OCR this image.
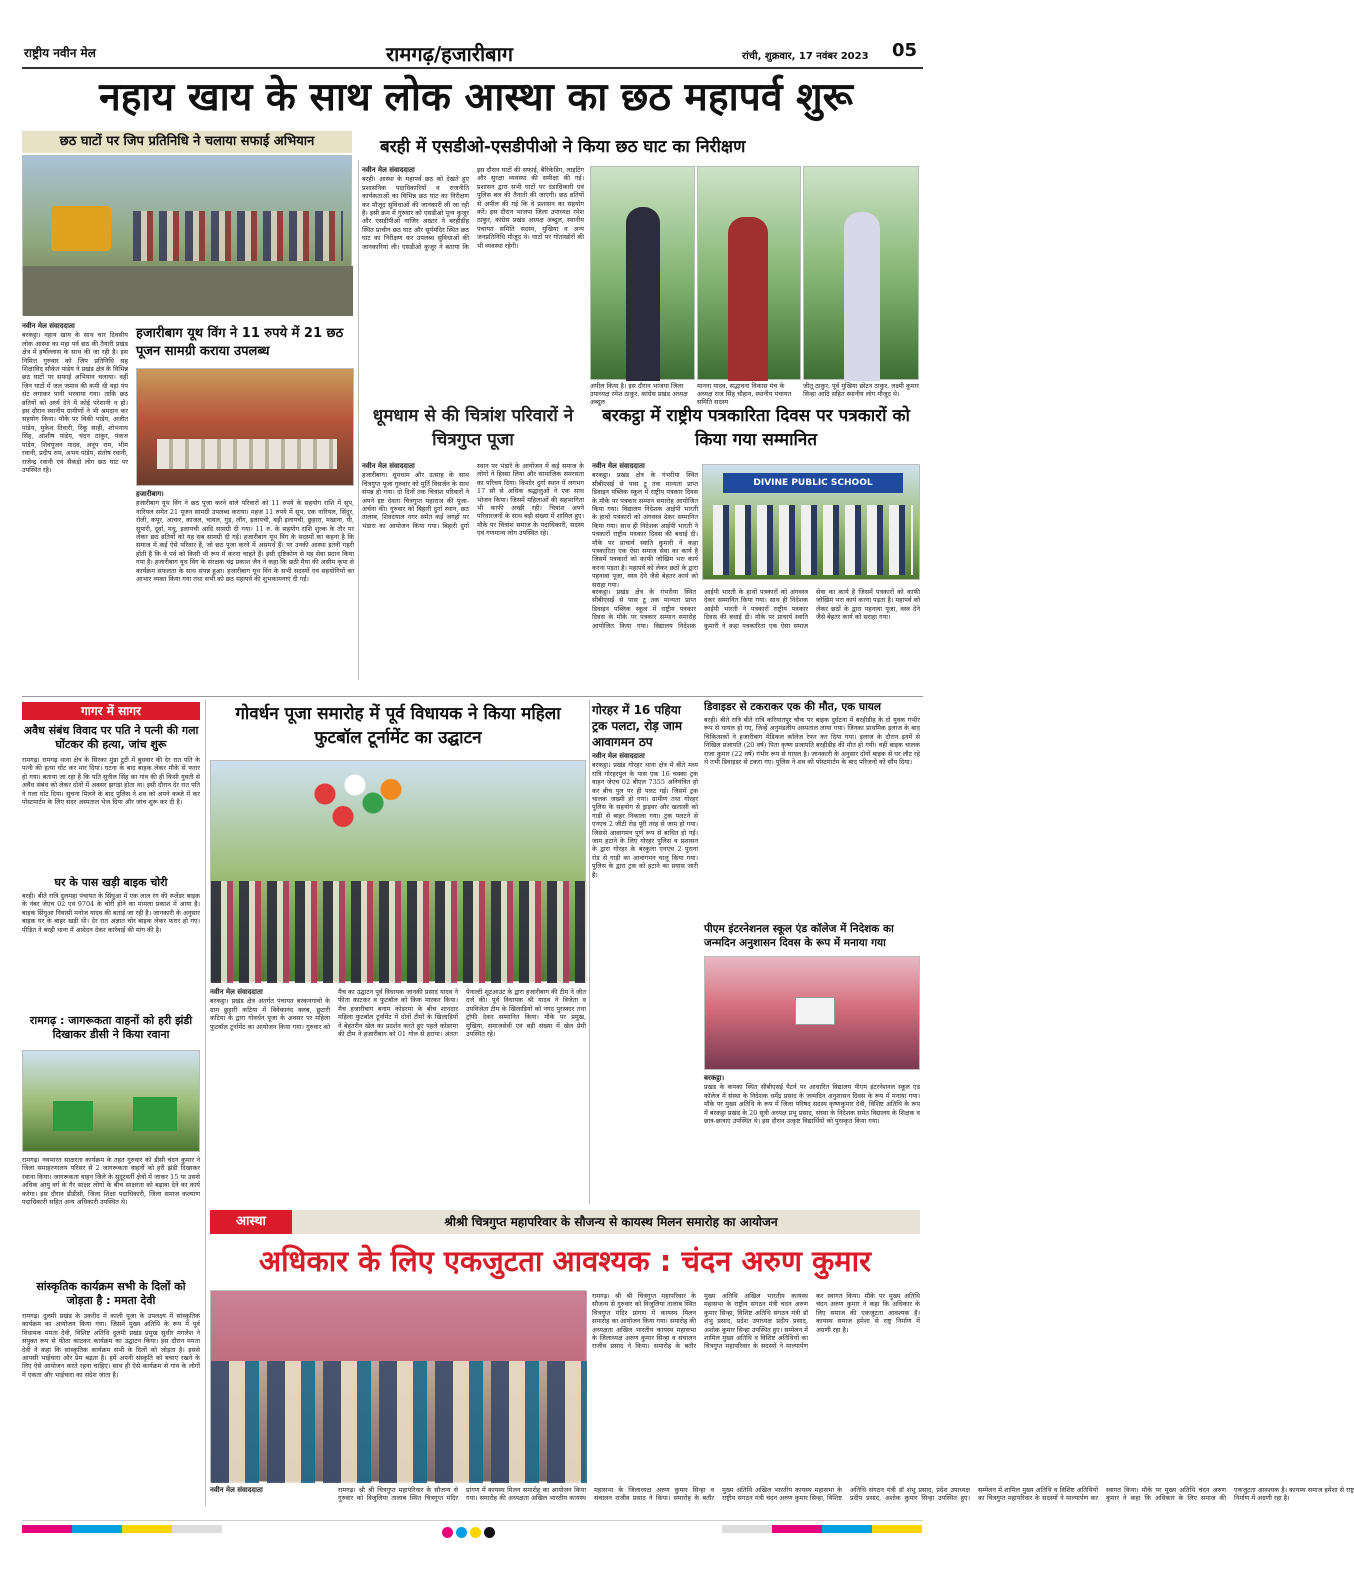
राष्ट्रीय नवीन मेल	रामगढ़/हजारीबाग	रांची, शुक्रवार, 17 नवंबर 2023 05
नहाय खाय के साथ लोक आस्था का छठ महापर्व शुरू
छठ घाटों पर जिप प्रतिनिधि ने चलाया सफाई अभियान
नवीन मेल संवाददाता
बरकट्ठा। नहाय खाय के साथ चार दिवसीय लोक आस्था का महा पर्व छठ की तैयारी प्रखंड क्षेत्र में हर्षोल्लास के साथ की जा रही है। इस निमित्त गुरुवार को जिप प्रतिनिधि सह शिक्षाविद सौकेत पांडेय ने प्रखंड क्षेत्र के विभिन्न छठ घाटों पर सफाई अभियान चलाया। वहीं जिन घाटों में जल जमाव की कमी थी वहां पंप सेट लगाकर पानी भरवाया गया। ताकि छठ व्रतियों को अर्घ्य देने में कोई परेशानी न हो। इस दौरान स्थानीय ग्रामीणों ने भी श्रमदान कर सहयोग किया। मौके पर विकी पांडेय, अजीत पांडेय, मुकेश तिवारी, रिंकू साही, शोभनाथ सिंह, आशीष पांडेय, चंदन ठाकुर, पंकज पांडेय, शिवपूजन यादव, अनूप राम, भीम रवानी, प्रदीप राम, अभय पांडेय, संतोष रवानी, राजेन्द्र रवानी एवं सैकड़ो लोग छठ घाट पर उपस्थित रहे।
हजारीबाग यूथ विंग ने 11 रुपये में 21 छठ पूजन सामग्री कराया उपलब्ध
हजारीबाग।
हजारीबाग यूथ विंग ने छठ पूजा करने वाले परिवारों को 11 रुपये के सहयोग राशि में सूप, नारियल समेत 21 पूजन सामग्री उपलब्ध कराया। महज 11 रुपये में सूप, एक नारियल, सिंदूर, रोली, कपूर, आचार, काजल, चावल, गुड़, लौंग, इलायची, बड़ी इलायची, छुहारा, मखाना, घी, सुपारी, दूर्वा, मधु, इलायची आदि सामग्री दी गया। 11 रु. के सहयोग राशि शुल्क के तौर पर लेकर छठ व्रतियों को यह सब सामग्री दी गई। हजारीबाग यूथ विंग के सदस्यों का कहना है कि समाज में कई ऐसे परिवार हैं, जो छठ पूजा करने में असमर्थ हैं। पर उनकी आस्था इतनी गहरी होती है कि वे पर्व को किसी भी रूप में करना चाहते हैं। इसी दृष्टिकोण से यह सेवा प्रदान किया गया है। हजारीबाग यूथ विंग के संरक्षक चंद्र प्रकाश जैन ने कहा कि छठी मैया की असीम कृपा से कार्यक्रम सफलता के साथ संपन्न हुआ। हजारीबाग यूथ विंग के सभी सदस्यों एवं सहयोगियों का आभार व्यक्त किया गया तथा सभी को छठ महापर्व की शुभकामनाएं दी गईं।
बरही में एसडीओ-एसडीपीओ ने किया छठ घाट का निरीक्षण
नवीन मेल संवाददाता
बरही। आस्था के महापर्व छठ को देखते हुए प्रशासनिक पदाधिकारियों व राजनीति कार्यकताओं का विभिन्न छठ घाट का निरीक्षण कर मौजूद सुविधाओं की जानकारी ली जा रही है। इसी क्रम में गुरुवार को एसडीओ पून्य कुजूर और एसडीपीओ नाजिर अख्तर ने बरहीडीह स्थित प्राचीन छठ घाट और सूर्यमंदिर स्थित छठ घाट का निरीक्षण कर उपलब्ध सुविधाओं की जानकारियां ली। एसडीओ कुजूर ने बताया कि इस दौरान घाटों की सफाई, बैरिकेडिंग, लाइटिंग और सुरक्षा व्यवस्था की समीक्षा की गई। प्रशासन द्वारा सभी घाटों पर दंडाधिकारी एवं पुलिस बल की तैनाती की जाएगी। छठ व्रतियों से अपील की गई कि वे प्रशासन का सहयोग करें। इस दौरान भाजपा जिला उपाध्यक्ष रमेश ठाकुर, कांग्रेस प्रखंड अध्यक्ष अब्दुल, स्थानीय पंचायत समिति सदस्य, मुखिया व अन्य जनप्रतिनिधि मौजूद थे। घाटों पर गोताखोरों की भी व्यवस्था रहेगी।
अपील किया है। इस दौरान भाजपा जिला उपाध्यक्ष रमेश ठाकुर, कांग्रेस प्रखंड अध्यक्ष अब्दुल
मानना यादव, सद्भावना विकास मंच के अध्यक्ष राज सिंह चौहान, स्थानीय पंचायत समिति सदस्य
जीतू ठाकुर, पूर्व मुखिया छोटन ठाकुर, लक्ष्मी कुमार सिन्हा आदि सहित स्थानीय लोग मौजूद थे।
धूमधाम से की चित्रांश परिवारों ने चित्रगुप्त पूजा
नवीन मेल संवाददाता
हजारीबाग। धूमधाम और उत्साह के साथ चित्रगुप्त पूजा गुरुवार को मूर्ति विसर्जन के साथ संपन्न हो गया। दो दिनों तक चित्रांश परिवारों ने अपने इष्ट देवता चित्रगुप्त महाराज की पूजा-अर्चना की। गुरुवार को बिहारी दुर्गा स्थान, छठ तालाब, शिवदयाल नगर समेत कई जगहों पर भंडारा का आयोजन किया गया। बिहारी दुर्गा स्थान पर भंडारे के आयोजन में कई समाज के लोगों ने हिस्सा लिया और सामाजिक समरसता का परिचय दिया। किशोर दुर्गा स्थान में लगभग 17 सौ से अधिक श्रद्धालुओं ने एक साथ भोजन किया। जिसमें महिलाओं की सहभागिता भी काफी अच्छी रही। चित्रांश अपने परिवारजनों के साथ बड़ी संख्या में शामिल हुए। मौके पर चित्रांश समाज के पदाधिकारी, सदस्य एवं गणमान्य लोग उपस्थित रहे।
बरकट्ठा में राष्ट्रीय पत्रकारिता दिवस पर पत्रकारों को किया गया सम्मानित
नवीन मेल संवाददाता
बरकट्ठा। प्रखंड क्षेत्र के गंभरीया स्थित सीबीएसई से पास टू तक मान्यता प्राप्त डिवाइन पब्लिक स्कूल में राष्ट्रीय पत्रकार दिवस के मौके पर पत्रकार सम्मान समारोह आयोजित किया गया। विद्यालय निदेशक आईपी भारती के हाथों पत्रकारों को अंगवस्त्र देकर सम्मानित किया गया। साथ ही निदेशक आईपी भारती ने पत्रकारों राष्ट्रीय पत्रकार दिवस की बधाई दी। मौके पर प्राचार्य स्वाति कुमारी ने कहा पत्रकारिता एक ऐसा समाज सेवा का कार्य है जिसमें पत्रकारों को काफी जोखिम भरा कार्य करना पड़ता है। महापर्व को लेकर छठों के द्वारा पहनावा पूजा, वस्त्र देने जैसे बेहतर कार्य को सराहा गया।
DIVINE PUBLIC SCHOOL
बरकट्ठा। प्रखंड क्षेत्र के गंभरीया स्थित सीबीएसई से पास टू तक मान्यता प्राप्त डिवाइन पब्लिक स्कूल में राष्ट्रीय पत्रकार दिवस के मौके पर पत्रकार सम्मान समारोह आयोजित किया गया। विद्यालय निदेशक आईपी भारती के हाथों पत्रकारों को अंगवस्त्र देकर सम्मानित किया गया। साथ ही निदेशक आईपी भारती ने पत्रकारों राष्ट्रीय पत्रकार दिवस की बधाई दी। मौके पर प्राचार्य स्वाति कुमारी ने कहा पत्रकारिता एक ऐसा समाज सेवा का कार्य है जिसमें पत्रकारों को काफी जोखिम भरा कार्य करना पड़ता है। महापर्व को लेकर छठों के द्वारा पहनावा पूजा, वस्त्र देने जैसे बेहतर कार्य को सराहा गया।
गागर में सागर
अवैध संबंध विवाद पर पति ने पत्नी की गला घोंटकर की हत्या, जांच शुरू
रामगढ़। रामगढ़ थाना क्षेत्र के सिरका मुंडा टुटी में बुधवार की देर रात पति के पत्नी की हत्या घोंट कर मार दिया। घटना के बाद बाहक लेकर मौके से फरार हो गया। बताया जा रहा है कि पति सुनील सिंह का गांव की ही किसी युवती से अवैध संबंध को लेकर दोनों में अक्सर झगड़ा होता था। इसी दौरान देर रात पति ने गला घोंट दिया। सूचना मिलने के बाद पुलिस ने शव को अपने कब्जे में कर पोस्टमार्टम के लिए सदर अस्पताल भेज दिया और जांच शुरू कर दी है।
घर के पास खड़ी बाइक चोरी
बरही। बीते रात्रि दुलमहा पंचायत के सिंघुआ में एक लाल रंग की स्प्लेंडर बाइक के नंबर जेएच 02 एवं 9704 के चोरी होने का मामला प्रकाश में आया है। बाइक सिंघुआ निवासी मनोज यादव की बताई जा रही है। जानकारी के अनुसार बाइक घर के बाहर खड़ी थी। देर रात अज्ञात चोर बाइक लेकर फरार हो गए। पीड़ित ने बरही थाना में आवेदन देकर कार्रवाई की मांग की है।
रामगढ़ : जागरूकता वाहनों को हरी झंडी दिखाकर डीसी ने किया रवाना
रामगढ़। नवभारत साक्षरता कार्यक्रम के तहत गुरुवार को डीसी चंदन कुमार ने जिला समाहरणालय परिसर से 2 जागरूकता वाहनों को हरी झंडी दिखाकर रवाना किया। जागरूकता वाहन जिले के सुदूरवर्ती क्षेत्रों में जाकर 15 या उससे अधिक आयु वर्ग के गैर साक्षर लोगों के बीच साक्षरता को बढ़ावा देने का कार्य करेगा। इस दौरान डीडीसी, जिला शिक्षा पदाधिकारी, जिला समाज कल्याण पदाधिकारी सहित अन्य अधिकारी उपस्थित थे।
सांस्कृतिक कार्यक्रम सभी के दिलों को जोड़ता है : ममता देवी
रामगढ़। दुलमी प्रखंड के उकरीद में काली पूजा के उपलक्ष्य में सांस्कृतिक कार्यक्रम का आयोजन किया गया। जिसमें मुख्य अतिथि के रूप में पूर्व विधायक ममता देवी, विशिष्ट अतिथि दुलमी प्रखंड प्रमुख सुधीर मंगलेश ने संयुक्त रूप से फीता काटकर कार्यक्रम का उद्घाटन किया। इस दौरान ममता देवी ने कहा कि सांस्कृतिक कार्यक्रम सभी के दिलों को जोड़ता है। इससे आपसी भाईचारा और प्रेम बढ़ता है। हमें अपनी संस्कृति को बचाए रखने के लिए ऐसे आयोजन करते रहना चाहिए। साथ ही ऐसे कार्यक्रम से गांव के लोगों में एकता और भाईचारा का संदेश जाता है।
गोवर्धन पूजा समारोह में पूर्व विधायक ने किया महिला फुटबॉल टूर्नामेंट का उद्घाटन
नवीन मेल संवाददाता
बरकट्ठा। प्रखंड क्षेत्र अंतर्गत पंचायत बरकनगांवो के ग्राम छुट्टारी कटिया में विवेकानंद क्लब, छुटारी कटिया के द्वारा गोवर्धन पूजा के अवसर पर महिला फुटबॉल टूर्नामेंट का आयोजन किया गया। गुरुवार को मैच का उद्घाटन पूर्व विधायक जानकी प्रसाद यादव ने फीता काटकर व फुटबॉल को किक मारकर किया। मैच हजारीबाग बनाम कोडरमा के बीच शानदार महिला फुटबॉल टूर्नामेंट में दोनों टीमों के खिलाड़ियों ने बेहतरीन खेल का प्रदर्शन करते हुए पहले कोडरमा की टीम ने हजारीबाग को 01 गोल से हराया। अंततः पेनाल्टी शूटआउट के द्वारा हजारीबाग की टीम ने जीत दर्ज की। पूर्व विधायक श्री यादव ने विजेता व उपविजेता टीम के खिलाड़ियों को नगद पुरस्कार तथा ट्रॉफी देकर सम्मानित किया। मौके पर प्रमुख, मुखिया, समाजसेवी एवं बड़ी संख्या में खेल प्रेमी उपस्थित रहे।
गोरहर में 16 पहिया ट्रक पलटा, रोड़ जाम आवागमन ठप
नवीन मेल संवाददाता
बरकट्ठा। प्रखंड गोरहर थाना क्षेत्र में बीते मध्य रात्रि गोरहरपुल के पास एक 16 चक्का ट्रक वाहन जेएच 02 बीएल 7355 अनियंत्रित हो कर बीच पुल पर ही पलट गई। जिसमें ट्रक चालक जख्मी हो गया। ग्रामीण तथा गोरहर पुलिस के सहयोग से ड्राइवर और खलासी को गाड़ी से बाहर निकाला गया। ट्रक पलटने से एनएच 2 जीटी रोड पूरी तरह से जाम हो गया। जिससे आवागमन पूर्ण रूप से बाधित हो गई। जाम हटाने के लिए गोरहर पुलिस व प्रशासन के द्वारा गोरहर के बरकुला एनएच 2 पुराना रोड से गाड़ी का आवागमन चालू किया गया। पुलिस के द्वारा ट्रक को हटाने का प्रयास जारी है।
डिवाइडर से टकराकर एक की मौत, एक घायल
बरही। बीते रात्रि बीते रात्रि करियातपुर चौक पर बाइक दुर्घटना में बरहीडीह के दो युवक गंभीर रूप से घायल हो गए, जिन्हें अनुमंडलीय अस्पताल लाया गया। जिनका प्राथमिक इलाज के बाद चिकित्सकों ने हजारीबाग मेडिकल कॉलेज रेफर कर दिया गया। इलाज के दौरान इनमें से निखिल प्रजापति (20 वर्ष) पिता कृष्ण प्रजापति बरहीडीह की मौत हो गयी। वहीं बाइक चालक राजा कुमार (22 वर्ष) गंभीर रूप से घायल है। जानकारी के अनुसार दोनों बाइक से घर लौट रहे थे तभी डिवाइडर से टकरा गए। पुलिस ने शव को पोस्टमार्टम के बाद परिजनों को सौंप दिया।
पीएम इंटरनेशनल स्कूल एंड कॉलेज में निदेशक का जन्मदिन अनुशासन दिवस के रूप में मनाया गया
बरकट्ठा।
प्रखंड के कपका स्थित सीबीएसई पैटर्न पर आधारित विद्यालय पीएम इंटरनेशनल स्कूल एंड कॉलेज में संस्था के निदेशक धर्मेंद्र प्रसाद के जन्मदिन अनुशासन दिवस के रूप में मनाया गया। मौके पर मुख्य अतिथि के रूप में जिला परिषद सदस्य कृष्णकुमार देवी, विशिष्ट अतिथि के रूप में बरकट्ठा प्रखंड के 20 सूत्री अध्यक्ष प्रभु प्रसाद, संस्था के निदेशक समेत विद्यालय के शिक्षक व छात्र-छात्राएं उपस्थित थे। इस दौरान उत्कृष्ट विद्यार्थियों को पुरस्कृत किया गया।
आस्था	श्रीश्री चित्रगुप्त महापरिवार के सौजन्य से कायस्थ मिलन समारोह का आयोजन
अधिकार के लिए एकजुटता आवश्यक : चंदन अरुण कुमार
नवीन मेल संवाददाता	रामगढ़। श्री श्री चित्रगुप्त महापरिवार के सौजन्य से गुरुवार को विजुलिया तालाब स्थित चित्रगुप्त मंदिर प्रांगण में कायस्थ मिलन समारोह का आयोजन किया गया। समारोह की अध्यक्षता अखिल भारतीय कायस्थ महासभा के जिलाध्यक्ष अरुण कुमार सिन्हा व संचालन राजीव प्रसाद ने किया। समारोह के बतौर मुख्य अतिथि अखिल भारतीय कायस्थ महासभा के राष्ट्रीय संगठन मंत्री चंदन अरुण कुमार सिन्हा, विशिष्ट अतिथि संगठन मंत्री डॉ शंभु प्रसाद, प्रदेश उपाध्यक्ष प्रदीप प्रसाद, अशोक कुमार सिन्हा उपस्थित हुए। सम्मेलन में शामिल मुख्य अतिथि व विशिष्ट अतिथियों का चित्रगुप्त महापरिवार के सदस्यों ने माल्यार्पण कर स्वागत किया। मौके पर मुख्य अतिथि चंदन अरुण कुमार ने कहा कि अधिकार के लिए समाज की एकजुटता आवश्यक है। कायस्थ समाज हमेशा से राष्ट्र निर्माण में अग्रणी रहा है।
रामगढ़। श्री श्री चित्रगुप्त महापरिवार के सौजन्य से गुरुवार को विजुलिया तालाब स्थित चित्रगुप्त मंदिर प्रांगण में कायस्थ मिलन समारोह का आयोजन किया गया। समारोह की अध्यक्षता अखिल भारतीय कायस्थ महासभा के जिलाध्यक्ष अरुण कुमार सिन्हा व संचालन राजीव प्रसाद ने किया। समारोह के बतौर मुख्य अतिथि अखिल भारतीय कायस्थ महासभा के राष्ट्रीय संगठन मंत्री चंदन अरुण कुमार सिन्हा, विशिष्ट अतिथि संगठन मंत्री डॉ शंभु प्रसाद, प्रदेश उपाध्यक्ष प्रदीप प्रसाद, अशोक कुमार सिन्हा उपस्थित हुए। सम्मेलन में शामिल मुख्य अतिथि व विशिष्ट अतिथियों का चित्रगुप्त महापरिवार के सदस्यों ने माल्यार्पण कर स्वागत किया। मौके पर मुख्य अतिथि चंदन अरुण कुमार ने कहा कि अधिकार के लिए समाज की एकजुटता आवश्यक है। कायस्थ समाज हमेशा से राष्ट्र निर्माण में अग्रणी रहा है।
